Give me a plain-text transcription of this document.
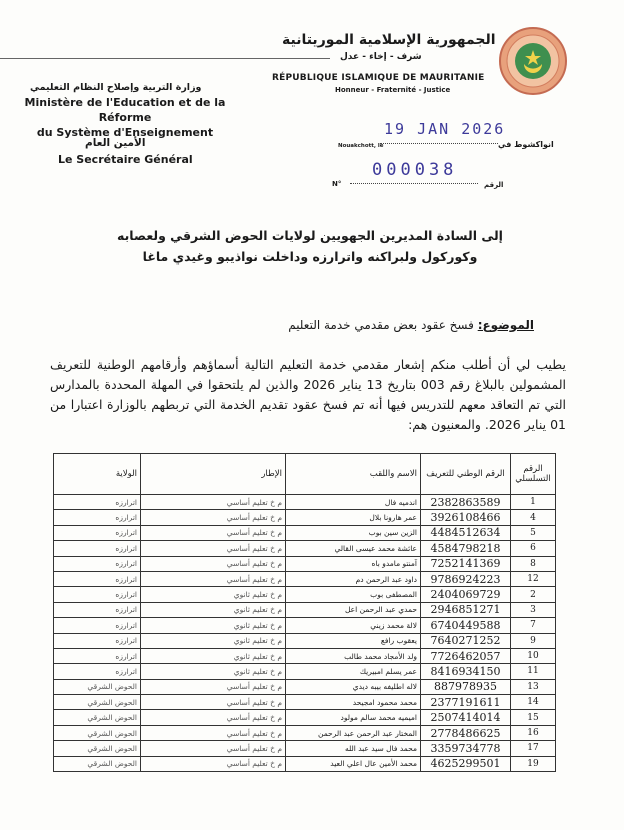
الجمهورية الإسلامية الموريتانية
شرف - إخاء - عدل
RÉPUBLIQUE ISLAMIQUE DE MAURITANIE
Honneur - Fraternité - Justice
وزارة التربية وإصلاح النظام التعليمي
Ministère de l'Education et de la Réforme
du Système d'Enseignement
الأمين العام
Le Secrétaire Général
Nouakchott, le
19 JAN 2026
انواكشوط في
N°
000038
الرقم
إلى السادة المديرين الجهويين لولايات الحوض الشرقي ولعصابه
وكوركول ولبراكنه واترارزه وداخلت نواذيبو وغيدي ماغا
الموضوع: فسخ عقود بعض مقدمي خدمة التعليم
يطيب لي أن أطلب منكم إشعار مقدمي خدمة التعليم التالية أسماؤهم وأرقامهم الوطنية للتعريف المشمولين بالبلاغ رقم 003 بتاريخ 13 يناير 2026 والذين لم يلتحقوا في المهلة المحددة بالمدارس التي تم التعاقد معهم للتدريس فيها أنه تم فسخ عقود تقديم الخدمة التي تربطهم بالوزارة اعتبارا من 01 يناير 2026. والمعنيون هم:
الرقم التسلسلي	الرقم الوطني للتعريف	الاسم واللقب	الإطار	الولاية
1	2382863589	اندميه فال	م خ تعليم أساسي	اترارزه
4	3926108466	عمر هارونا بلال	م خ تعليم أساسي	اترارزه
5	4484512634	الزين سين بوب	م خ تعليم أساسي	اترارزه
6	4584798218	عائشة محمد عيسى القالي	م خ تعليم أساسي	اترارزه
8	7252141369	آمنتو مامدو باه	م خ تعليم أساسي	اترارزه
12	9786924223	داود عبد الرحمن دم	م خ تعليم أساسي	اترارزه
2	2404069729	المصطفى بوب	م خ تعليم ثانوي	اترارزه
3	2946851271	حمدي عبد الرحمن اعل	م خ تعليم ثانوي	اترارزه
7	6740449588	لالة محمد زيني	م خ تعليم ثانوي	اترارزه
9	7640271252	يعقوب رافع	م خ تعليم ثانوي	اترارزه
10	7726462057	ولد الأمجاد محمد طالب	م خ تعليم ثانوي	اترارزه
11	8416934150	عمر يسلم امبيريك	م خ تعليم ثانوي	اترارزه
13	887978935	لاله اطليفه بيبه ديدي	م خ تعليم أساسي	الحوض الشرقي
14	2377191611	محمد محمود امجيحد	م خ تعليم أساسي	الحوض الشرقي
15	2507414014	اميميه محمد سالم مولود	م خ تعليم أساسي	الحوض الشرقي
16	2778486625	المختار عبد الرحمن عبد الرحمن	م خ تعليم أساسي	الحوض الشرقي
17	3359734778	محمد فال سيد عبد الله	م خ تعليم أساسي	الحوض الشرقي
19	4625299501	محمد الأمين عال اعلي العيد	م خ تعليم أساسي	الحوض الشرقي
